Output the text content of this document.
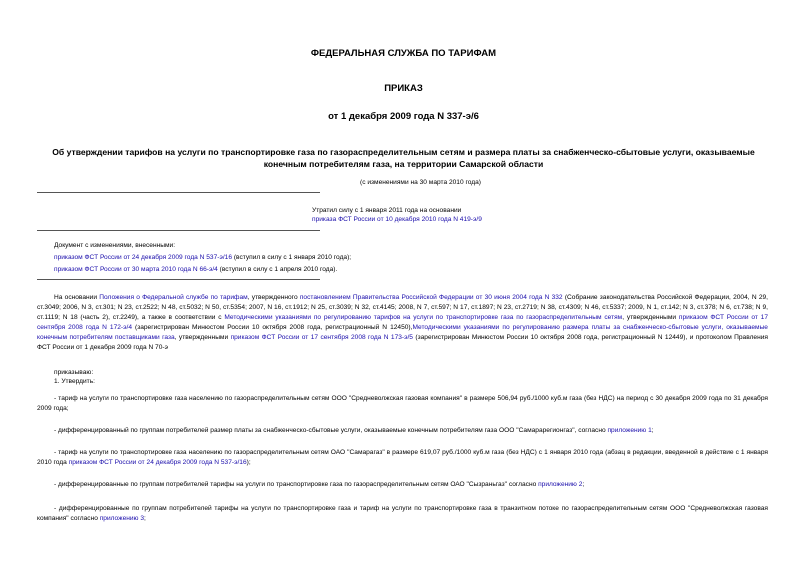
ФЕДЕРАЛЬНАЯ СЛУЖБА ПО ТАРИФАМ
ПРИКАЗ
от 1 декабря 2009 года N 337-э/6
Об утверждении тарифов на услуги по транспортировке газа по газораспределительным сетям и размера платы за снабженческо-сбытовые услуги, оказываемые
конечным потребителям газа, на территории Самарской области
(с изменениями на 30 марта 2010 года)
Утратил силу с 1 января 2011 года на основании
приказа ФСТ России от 10 декабря 2010 года N 419-э/9
Документ с изменениями, внесенными:
приказом ФСТ России от 24 декабря 2009 года N 537-э/16 (вступил в силу с 1 января 2010 года);
приказом ФСТ России от 30 марта 2010 года N 66-э/4 (вступил в силу с 1 апреля 2010 года).
На основании Положения о Федеральной службе по тарифам, утвержденного постановлением Правительства Российской Федерации от 30 июня 2004 года N 332 (Собрание законодательства Российской Федерации, 2004, N 29, ст.3049; 2006, N 3, ст.301; N 23, ст.2522; N 48, ст.5032; N 50, ст.5354; 2007, N 16, ст.1912; N 25, ст.3039; N 32, ст.4145; 2008, N 7, ст.597; N 17, ст.1897; N 23, ст.2719; N 38, ст.4309; N 46, ст.5337; 2009, N 1, ст.142; N 3, ст.378; N 6, ст.738; N 9, ст.1119; N 18 (часть 2), ст.2249), а также в соответствии с Методическими указаниями по регулированию тарифов на услуги по транспортировке газа по газораспределительным сетям, утвержденными приказом ФСТ России от 17 сентября 2008 года N 172-э/4 (зарегистрирован Минюстом России 10 октября 2008 года, регистрационный N 12450),Методическими указаниями по регулированию размера платы за снабженческо-сбытовые услуги, оказываемые конечным потребителям поставщиками газа, утвержденными приказом ФСТ России от 17 сентября 2008 года N 173-э/5 (зарегистрирован Минюстом России 10 октября 2008 года, регистрационный N 12449), и протоколом Правления ФСТ России от 1 декабря 2009 года N 70-э
приказываю:
1. Утвердить:
- тариф на услуги по транспортировке газа населению по газораспределительным сетям ООО "Средневолжская газовая компания" в размере 506,94 руб./1000 куб.м газа (без НДС) на период с 30 декабря 2009 года по 31 декабря 2009 года;
- дифференцированный по группам потребителей размер платы за снабженческо-сбытовые услуги, оказываемые конечным потребителям газа ООО "Самарарегионгаз", согласно приложению 1;
- тариф на услуги по транспортировке газа населению по газораспределительным сетям ОАО "Самарагаз" в размере 619,07 руб./1000 куб.м газа (без НДС) с 1 января 2010 года (абзац в редакции, введенной в действие с 1 января 2010 года приказом ФСТ России от 24 декабря 2009 года N 537-э/16);
- дифференцированные по группам потребителей тарифы на услуги по транспортировке газа по газораспределительным сетям ОАО "Сызраньгаз" согласно приложению 2;
- дифференцированные по группам потребителей тарифы на услуги по транспортировке газа и тариф на услуги по транспортировке газа в транзитном потоке по газораспределительным сетям ООО "Средневолжская газовая компания" согласно приложению 3;
